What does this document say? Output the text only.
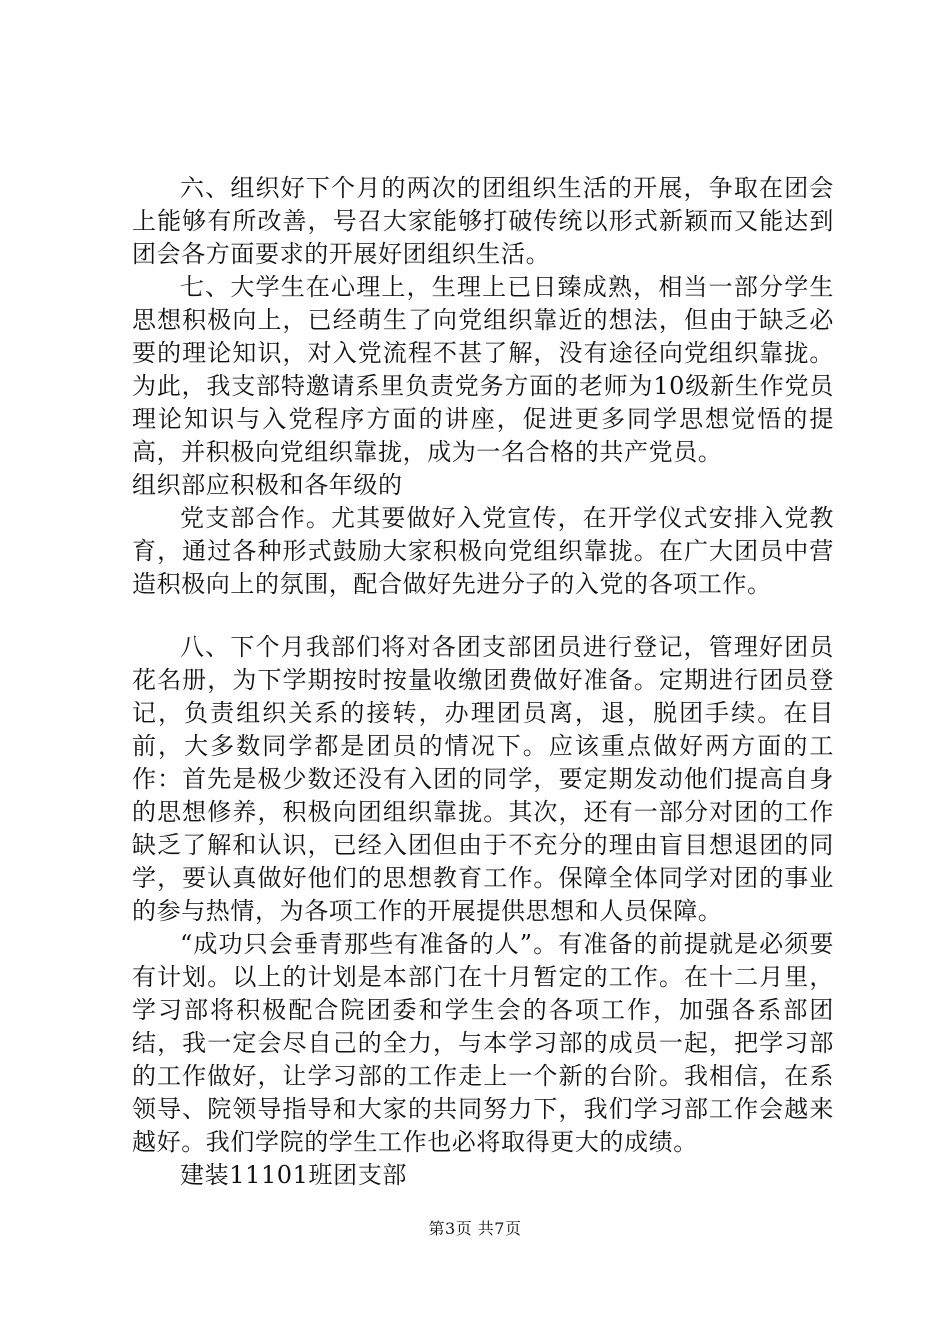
六、组织好下个月的两次的团组织生活的开展，争取在团会上能够有所改善，号召大家能够打破传统以形式新颖而又能达到团会各方面要求的开展好团组织生活。

七、大学生在心理上，生理上已日臻成熟，相当一部分学生思想积极向上，已经萌生了向党组织靠近的想法，但由于缺乏必要的理论知识，对入党流程不甚了解，没有途径向党组织靠拢。为此，我支部特邀请系里负责党务方面的老师为10级新生作党员理论知识与入党程序方面的讲座，促进更多同学思想觉悟的提高，并积极向党组织靠拢，成为一名合格的共产党员。

组织部应积极和各年级的

党支部合作。尤其要做好入党宣传，在开学仪式安排入党教育，通过各种形式鼓励大家积极向党组织靠拢。在广大团员中营造积极向上的氛围，配合做好先进分子的入党的各项工作。

八、下个月我部们将对各团支部团员进行登记，管理好团员花名册，为下学期按时按量收缴团费做好准备。定期进行团员登记，负责组织关系的接转，办理团员离，退，脱团手续。在目前，大多数同学都是团员的情况下。应该重点做好两方面的工作：首先是极少数还没有入团的同学，要定期发动他们提高自身的思想修养，积极向团组织靠拢。其次，还有一部分对团的工作缺乏了解和认识，已经入团但由于不充分的理由盲目想退团的同学，要认真做好他们的思想教育工作。保障全体同学对团的事业的参与热情，为各项工作的开展提供思想和人员保障。

“成功只会垂青那些有准备的人”。有准备的前提就是必须要有计划。以上的计划是本部门在十月暂定的工作。在十二月里，学习部将积极配合院团委和学生会的各项工作，加强各系部团结，我一定会尽自己的全力，与本学习部的成员一起，把学习部的工作做好，让学习部的工作走上一个新的台阶。我相信，在系领导、院领导指导和大家的共同努力下，我们学习部工作会越来越好。我们学院的学生工作也必将取得更大的成绩。

建装11101班团支部

第3页 共7页
